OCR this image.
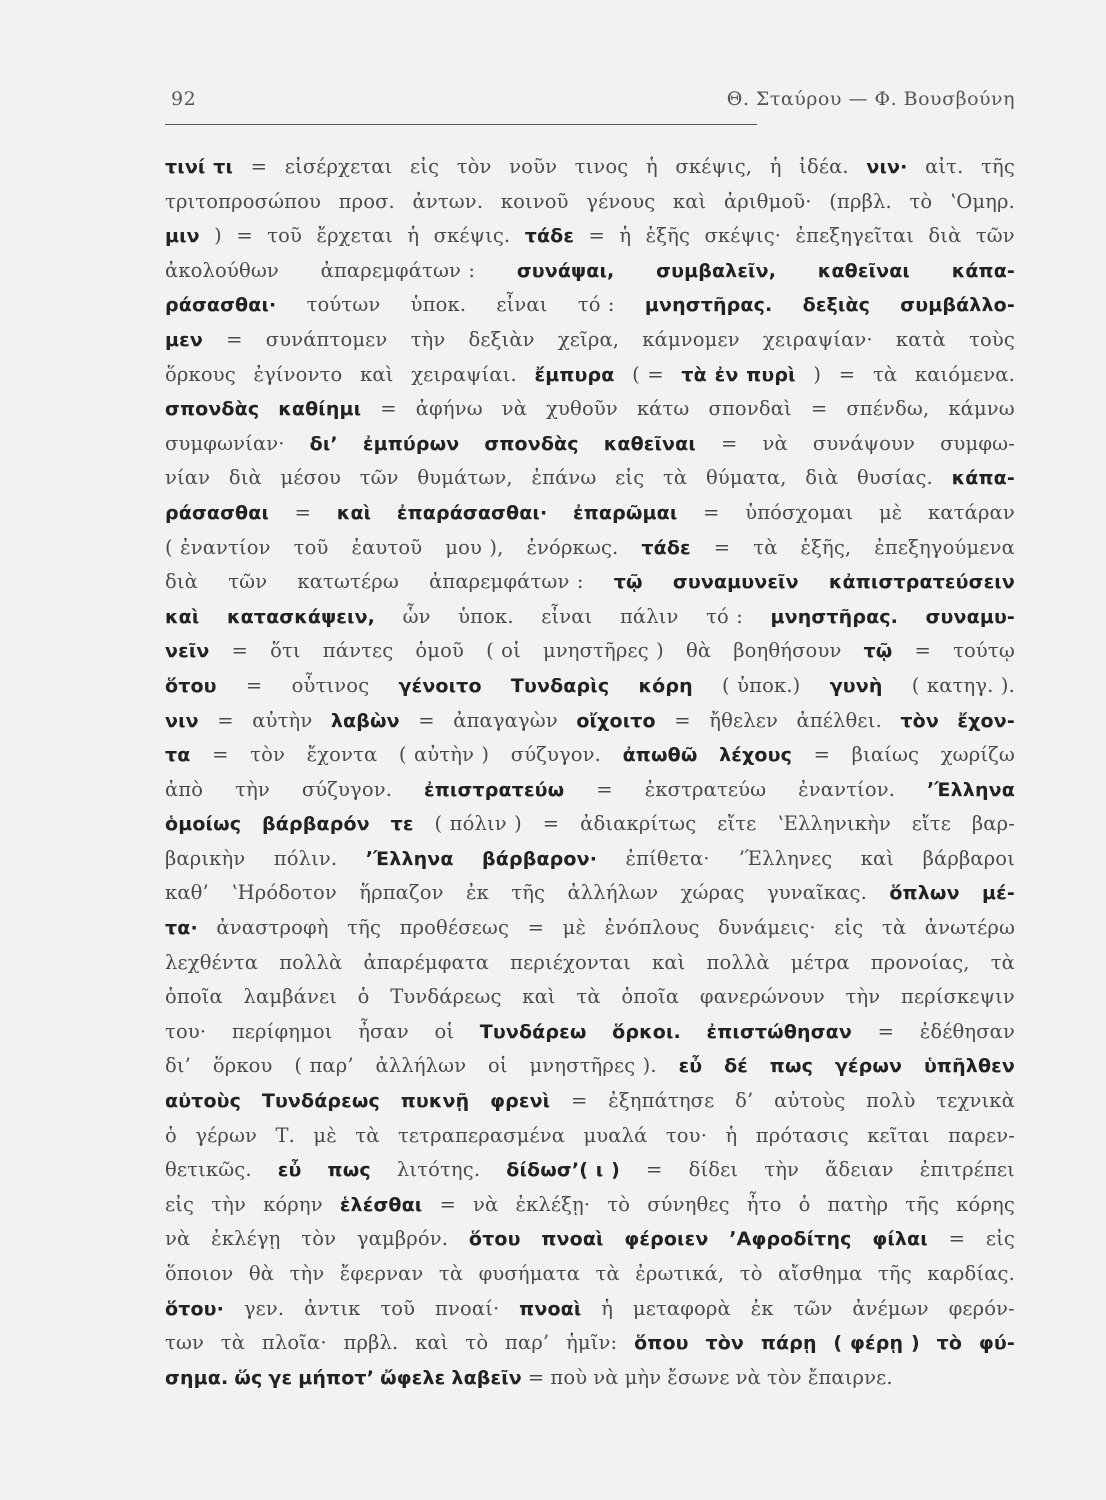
92	Θ. Σταύρου — Φ. Βουσβούνη
τινί τι = εἰσέρχεται εἰς τὸν νοῦν τινος ἡ σκέψις, ἡ ἰδέα. νιν· αἰτ. τῆς
τριτοπροσώπου προσ. ἀντων. κοινοῦ γένους καὶ ἀριθμοῦ· (πρβλ. τὸ ʽΟμηρ.
μιν ) = τοῦ ἔρχεται ἡ σκέψις. τάδε = ἡ ἑξῆς σκέψις· ἐπεξηγεῖται διὰ τῶν
ἀκολούθων ἀπαρεμφάτων : συνάψαι, συμβαλεῖν, καθεῖναι κάπα-
ράσασθαι· τούτων ὑποκ. εἶναι τό : μνηστῆρας. δεξιὰς συμβάλλο-
μεν = συνάπτομεν τὴν δεξιὰν χεῖρα, κάμνομεν χειραψίαν· κατὰ τοὺς
ὅρκους ἐγίνοντο καὶ χειραψίαι. ἔμπυρα ( = τὰ ἐν πυρὶ ) = τὰ καιόμενα.
σπονδὰς καθίημι = ἀφήνω νὰ χυθοῦν κάτω σπονδαὶ = σπένδω, κάμνω
συμφωνίαν· δι’ ἐμπύρων σπονδὰς καθεῖναι = νὰ συνάψουν συμφω-
νίαν διὰ μέσου τῶν θυμάτων, ἐπάνω εἰς τὰ θύματα, διὰ θυσίας. κάπα-
ράσασθαι = καὶ ἐπαράσασθαι· ἐπαρῶμαι = ὑπόσχομαι μὲ κατάραν
( ἐναντίον τοῦ ἑαυτοῦ μου ), ἐνόρκως. τάδε = τὰ ἑξῆς, ἐπεξηγούμενα
διὰ τῶν κατωτέρω ἀπαρεμφάτων : τῷ συναμυνεῖν κἀπιστρατεύσειν
καὶ κατασκάψειν, ὧν ὑποκ. εἶναι πάλιν τό : μνηστῆρας. συναμυ-
νεῖν = ὅτι πάντες ὁμοῦ ( οἱ μνηστῆρες ) θὰ βοηθήσουν τῷ = τούτῳ
ὅτου = οὗτινος γένοιτο Τυνδαρὶς κόρη ( ὑποκ.) γυνὴ ( κατηγ. ).
νιν = αὐτὴν λαβὼν = ἀπαγαγὼν οἴχοιτο = ἤθελεν ἀπέλθει. τὸν ἔχον-
τα = τὸν ἔχοντα ( αὐτὴν ) σύζυγον. ἀπωθῶ λέχους = βιαίως χωρίζω
ἀπὸ τὴν σύζυγον. ἐπιστρατεύω = ἐκστρατεύω ἐναντίον. ʼΈλληνα
ὁμοίως βάρβαρόν τε ( πόλιν ) = ἀδιακρίτως εἴτε ʽΕλληνικὴν εἴτε βαρ-
βαρικὴν πόλιν. ʼΈλληνα βάρβαρον· ἐπίθετα· ʼΈλληνες καὶ βάρβαροι
καθ’ ʽΗρόδοτον ἥρπαζον ἐκ τῆς ἀλλήλων χώρας γυναῖκας. ὅπλων μέ-
τα· ἀναστροφὴ τῆς προθέσεως = μὲ ἐνόπλους δυνάμεις· εἰς τὰ ἀνωτέρω
λεχθέντα πολλὰ ἀπαρέμφατα περιέχονται καὶ πολλὰ μέτρα προνοίας, τὰ
ὁποῖα λαμβάνει ὁ Τυνδάρεως καὶ τὰ ὁποῖα φανερώνουν τὴν περίσκεψιν
του· περίφημοι ἦσαν οἱ Τυνδάρεω ὅρκοι. ἐπιστώθησαν = ἐδέθησαν
δι’ ὅρκου ( παρ’ ἀλλήλων οἱ μνηστῆρες ). εὖ δέ πως γέρων ὑπῆλθεν
αὐτοὺς Τυνδάρεως πυκνῇ φρενὶ = ἐξηπάτησε δ’ αὐτοὺς πολὺ τεχνικὰ
ὁ γέρων Τ. μὲ τὰ τετραπερασμένα μυαλά του· ἡ πρότασις κεῖται παρεν-
θετικῶς. εὖ πως λιτότης. δίδωσ’( ι ) = δίδει τὴν ἄδειαν ἐπιτρέπει
εἰς τὴν κόρην ἑλέσθαι = νὰ ἐκλέξῃ· τὸ σύνηθες ἦτο ὁ πατὴρ τῆς κόρης
νὰ ἐκλέγῃ τὸν γαμβρόν. ὅτου πνοαὶ φέροιεν ʼΑφροδίτης φίλαι = εἰς
ὅποιον θὰ τὴν ἔφερναν τὰ φυσήματα τὰ ἐρωτικά, τὸ αἴσθημα τῆς καρδίας.
ὅτου· γεν. ἀντικ τοῦ πνοαί· πνοαὶ ἡ μεταφορὰ ἐκ τῶν ἀνέμων φερόν-
των τὰ πλοῖα· πρβλ. καὶ τὸ παρ’ ἡμῖν: ὅπου τὸν πάρῃ ( φέρῃ ) τὸ φύ-
σημα. ὥς γε μήποτ’ ὤφελε λαβεῖν = ποὺ νὰ μὴν ἔσωνε νὰ τὸν ἔπαιρνε.
